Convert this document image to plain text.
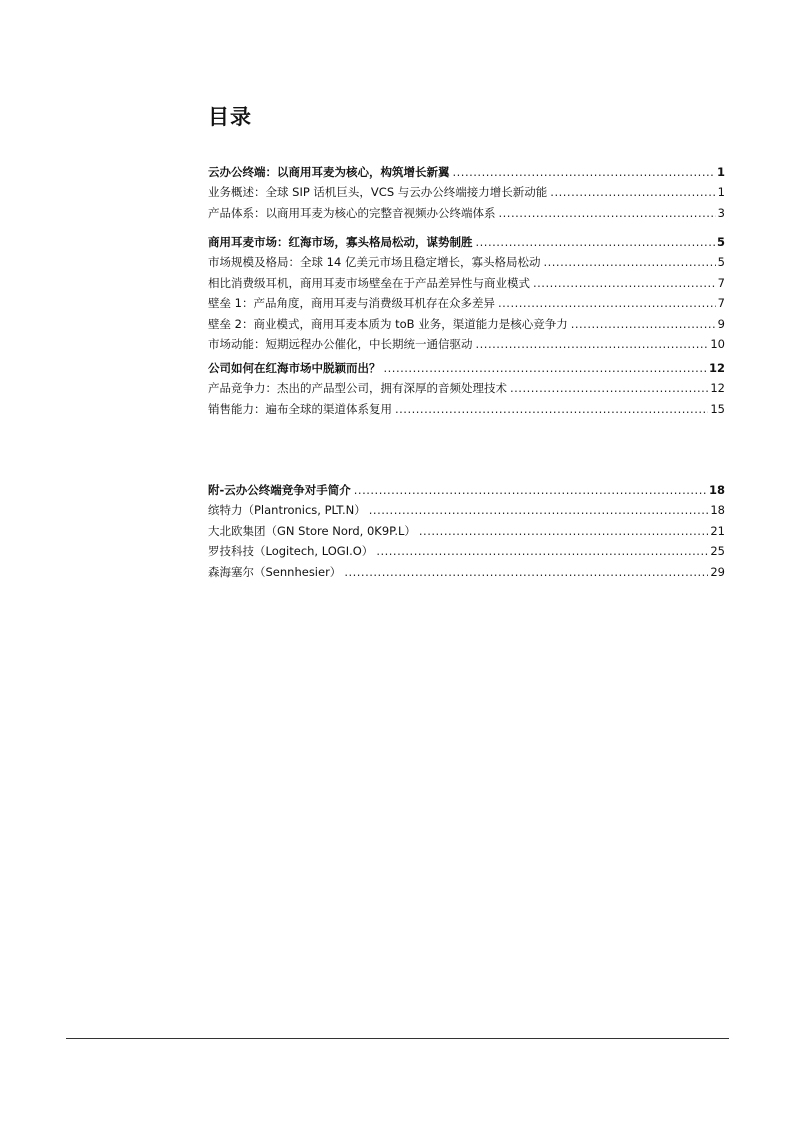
目录
云办公终端：以商用耳麦为核心，构筑增长新翼 .....	1
业务概述：全球 SIP 话机巨头，VCS 与云办公终端接力增长新动能 .....	1
产品体系：以商用耳麦为核心的完整音视频办公终端体系 .....	3
商用耳麦市场：红海市场，寡头格局松动，谋势制胜 .....	5
市场规模及格局：全球 14 亿美元市场且稳定增长，寡头格局松动 .....	5
相比消费级耳机，商用耳麦市场壁垒在于产品差异性与商业模式 .....	7
壁垒 1：产品角度，商用耳麦与消费级耳机存在众多差异 .....	7
壁垒 2：商业模式，商用耳麦本质为 toB 业务，渠道能力是核心竞争力 .....	9
市场动能：短期远程办公催化，中长期统一通信驱动 .....	10
公司如何在红海市场中脱颖而出？ .....	12
产品竞争力：杰出的产品型公司，拥有深厚的音频处理技术 .....	12
销售能力：遍布全球的渠道体系复用 .....	15
附-云办公终端竞争对手简介 .....	18
缤特力（Plantronics, PLT.N） .....	18
大北欧集团（GN Store Nord, 0K9P.L） .....	21
罗技科技（Logitech, LOGI.O） .....	25
森海塞尔（Sennhesier） .....	29
